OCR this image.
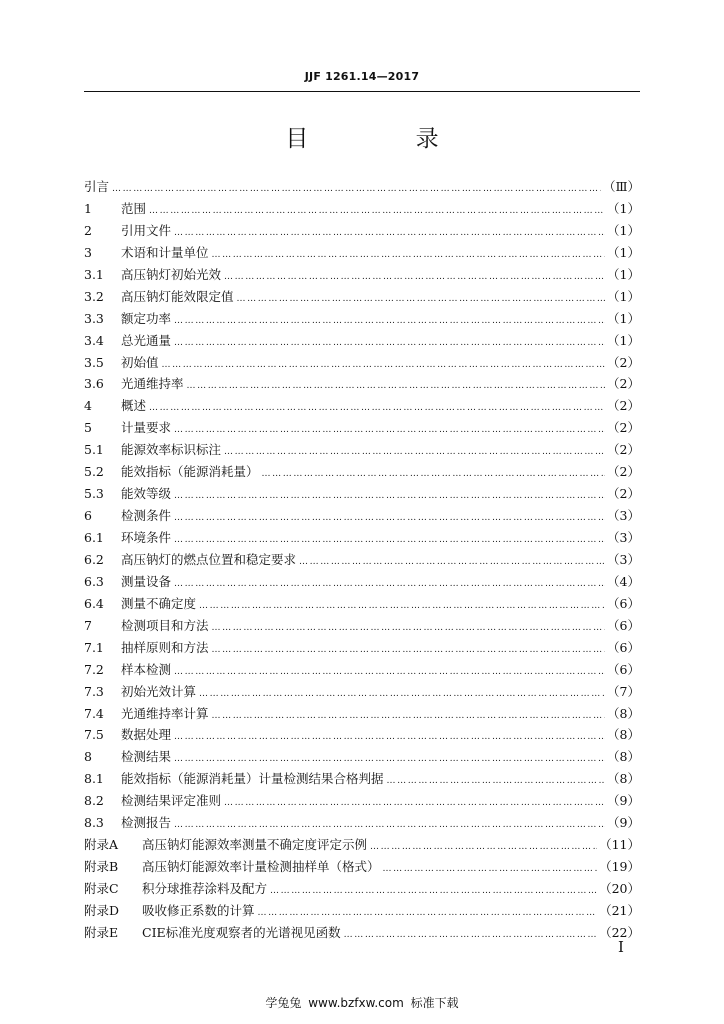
JJF 1261.14—2017
目 录
引言 ………………………………………………………………………………………………………………………………………………………………………………………………………………………………………………	（Ⅲ）
1	范围 ………………………………………………………………………………………………………………………………………………………………………………………………………………………………………………	（1）
2	引用文件 ………………………………………………………………………………………………………………………………………………………………………………………………………………………………………………	（1）
3	术语和计量单位 ………………………………………………………………………………………………………………………………………………………………………………………………………………………………………………	（1）
3.1	高压钠灯初始光效 ………………………………………………………………………………………………………………………………………………………………………………………………………………………………………………	（1）
3.2	高压钠灯能效限定值 ………………………………………………………………………………………………………………………………………………………………………………………………………………………………………………	（1）
3.3	额定功率 ………………………………………………………………………………………………………………………………………………………………………………………………………………………………………………	（1）
3.4	总光通量 ………………………………………………………………………………………………………………………………………………………………………………………………………………………………………………	（1）
3.5	初始值 ………………………………………………………………………………………………………………………………………………………………………………………………………………………………………………	（2）
3.6	光通维持率 ………………………………………………………………………………………………………………………………………………………………………………………………………………………………………………	（2）
4	概述 ………………………………………………………………………………………………………………………………………………………………………………………………………………………………………………	（2）
5	计量要求 ………………………………………………………………………………………………………………………………………………………………………………………………………………………………………………	（2）
5.1	能源效率标识标注 ………………………………………………………………………………………………………………………………………………………………………………………………………………………………………………	（2）
5.2	能效指标（能源消耗量） ………………………………………………………………………………………………………………………………………………………………………………………………………………………………………………	（2）
5.3	能效等级 ………………………………………………………………………………………………………………………………………………………………………………………………………………………………………………	（2）
6	检测条件 ………………………………………………………………………………………………………………………………………………………………………………………………………………………………………………	（3）
6.1	环境条件 ………………………………………………………………………………………………………………………………………………………………………………………………………………………………………………	（3）
6.2	高压钠灯的燃点位置和稳定要求 ………………………………………………………………………………………………………………………………………………………………………………………………………………………………………………	（3）
6.3	测量设备 ………………………………………………………………………………………………………………………………………………………………………………………………………………………………………………	（4）
6.4	测量不确定度 ………………………………………………………………………………………………………………………………………………………………………………………………………………………………………………	（6）
7	检测项目和方法 ………………………………………………………………………………………………………………………………………………………………………………………………………………………………………………	（6）
7.1	抽样原则和方法 ………………………………………………………………………………………………………………………………………………………………………………………………………………………………………………	（6）
7.2	样本检测 ………………………………………………………………………………………………………………………………………………………………………………………………………………………………………………	（6）
7.3	初始光效计算 ………………………………………………………………………………………………………………………………………………………………………………………………………………………………………………	（7）
7.4	光通维持率计算 ………………………………………………………………………………………………………………………………………………………………………………………………………………………………………………	（8）
7.5	数据处理 ………………………………………………………………………………………………………………………………………………………………………………………………………………………………………………	（8）
8	检测结果 ………………………………………………………………………………………………………………………………………………………………………………………………………………………………………………	（8）
8.1	能效指标（能源消耗量）计量检测结果合格判据 ………………………………………………………………………………………………………………………………………………………………………………………………………………………………………………	（8）
8.2	检测结果评定准则 ………………………………………………………………………………………………………………………………………………………………………………………………………………………………………………	（9）
8.3	检测报告 ………………………………………………………………………………………………………………………………………………………………………………………………………………………………………………	（9）
附录A	高压钠灯能源效率测量不确定度评定示例 ………………………………………………………………………………………………………………………………………………………………………………………………………………………………………………	（11）
附录B	高压钠灯能源效率计量检测抽样单（格式） ………………………………………………………………………………………………………………………………………………………………………………………………………………………………………………	（19）
附录C	积分球推荐涂料及配方 ………………………………………………………………………………………………………………………………………………………………………………………………………………………………………………	（20）
附录D	吸收修正系数的计算 ………………………………………………………………………………………………………………………………………………………………………………………………………………………………………………	（21）
附录E	CIE标准光度观察者的光谱视见函数 ………………………………………………………………………………………………………………………………………………………………………………………………………………………………………………	（22）
I
学兔兔 www.bzfxw.com 标准下载
